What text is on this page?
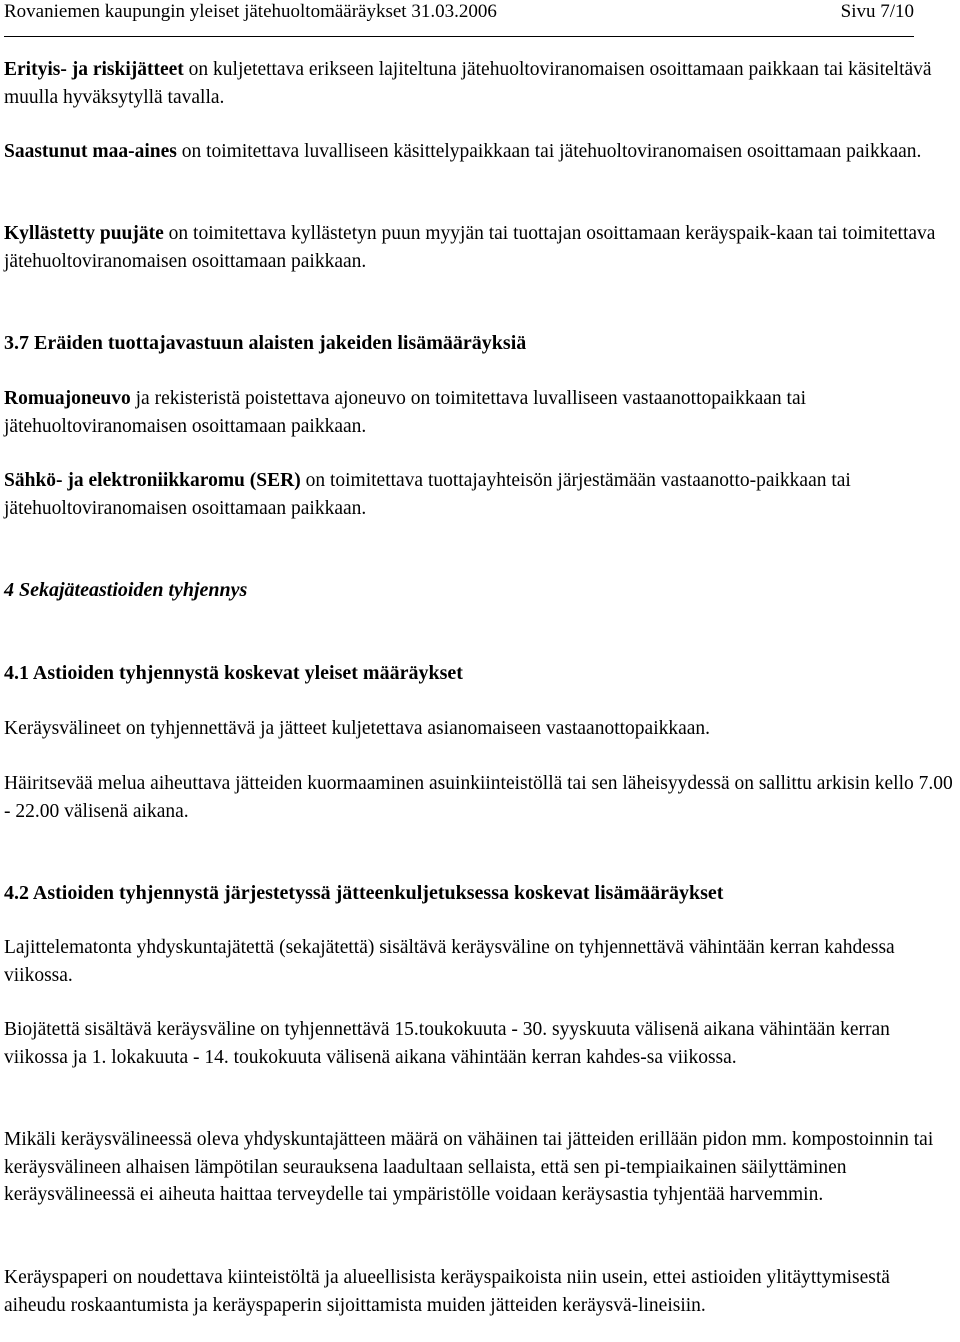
Rovaniemen kaupungin yleiset jätehuoltomääräykset 31.03.2006	Sivu 7/10
Erityis- ja riskijätteet on kuljetettava erikseen lajiteltuna jätehuoltoviranomaisen osoittamaan paikkaan tai käsiteltävä muulla hyväksytyllä tavalla.
Saastunut maa-aines on toimitettava luvalliseen käsittelypaikkaan tai jätehuoltoviranomaisen osoittamaan paikkaan.
Kyllästetty puujäte on toimitettava kyllästetyn puun myyjän tai tuottajan osoittamaan keräyspaik-kaan tai toimitettava jätehuoltoviranomaisen osoittamaan paikkaan.
3.7 Eräiden tuottajavastuun alaisten jakeiden lisämääräyksiä
Romuajoneuvo ja rekisteristä poistettava ajoneuvo on toimitettava luvalliseen vastaanottopaikkaan tai jätehuoltoviranomaisen osoittamaan paikkaan.
Sähkö- ja elektroniikkaromu (SER) on toimitettava tuottajayhteisön järjestämään vastaanotto-paikkaan tai jätehuoltoviranomaisen osoittamaan paikkaan.
4 Sekajäteastioiden tyhjennys
4.1 Astioiden tyhjennystä koskevat yleiset määräykset
Keräysvälineet on tyhjennettävä ja jätteet kuljetettava asianomaiseen vastaanottopaikkaan.
Häiritsevää melua aiheuttava jätteiden kuormaaminen asuinkiinteistöllä tai sen läheisyydessä on sallittu arkisin kello 7.00 - 22.00 välisenä aikana.
4.2 Astioiden tyhjennystä järjestetyssä jätteenkuljetuksessa koskevat lisämääräykset
Lajittelematonta yhdyskuntajätettä (sekajätettä) sisältävä keräysväline on tyhjennettävä vähintään kerran kahdessa viikossa.
Biojätettä sisältävä keräysväline on tyhjennettävä 15.toukokuuta - 30. syyskuuta välisenä aikana vähintään kerran viikossa ja 1. lokakuuta - 14. toukokuuta välisenä aikana vähintään kerran kahdes-sa viikossa.
Mikäli keräysvälineessä oleva yhdyskuntajätteen määrä on vähäinen tai jätteiden erillään pidon mm. kompostoinnin tai keräysvälineen alhaisen lämpötilan seurauksena laadultaan sellaista, että sen pi-tempiaikainen säilyttäminen keräysvälineessä ei aiheuta haittaa terveydelle tai ympäristölle voidaan keräysastia tyhjentää harvemmin.
Keräyspaperi on noudettava kiinteistöltä ja alueellisista keräyspaikoista niin usein, ettei astioiden ylitäyttymisestä aiheudu roskaantumista ja keräyspaperin sijoittamista muiden jätteiden keräysvä-lineisiin.
